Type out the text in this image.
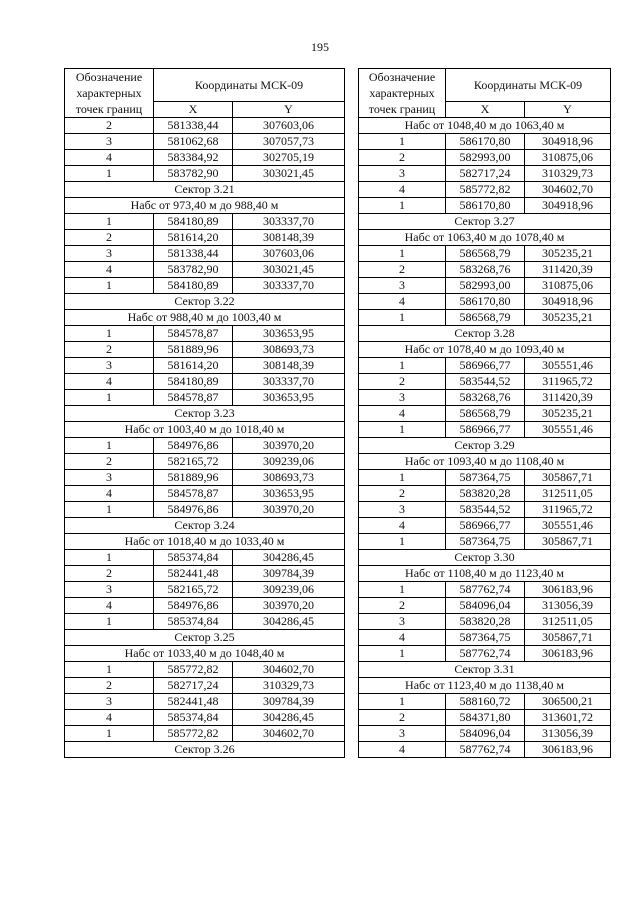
195
Обозначение характерных точек границ	Координаты МСК-09	
	X	Y
2	581338,44	307603,06
3	581062,68	307057,73
4	583384,92	302705,19
1	583782,90	303021,45
Сектор 3.21		
Набс от 973,40 м до 988,40 м		
1	584180,89	303337,70
2	581614,20	308148,39
3	581338,44	307603,06
4	583782,90	303021,45
1	584180,89	303337,70
Сектор 3.22		
Набс от 988,40 м до 1003,40 м		
1	584578,87	303653,95
2	581889,96	308693,73
3	581614,20	308148,39
4	584180,89	303337,70
1	584578,87	303653,95
Сектор 3.23		
Набс от 1003,40 м до 1018,40 м		
1	584976,86	303970,20
2	582165,72	309239,06
3	581889,96	308693,73
4	584578,87	303653,95
1	584976,86	303970,20
Сектор 3.24		
Набс от 1018,40 м до 1033,40 м		
1	585374,84	304286,45
2	582441,48	309784,39
3	582165,72	309239,06
4	584976,86	303970,20
1	585374,84	304286,45
Сектор 3.25		
Набс от 1033,40 м до 1048,40 м		
1	585772,82	304602,70
2	582717,24	310329,73
3	582441,48	309784,39
4	585374,84	304286,45
1	585772,82	304602,70
Сектор 3.26		
Обозначение характерных точек границ	Координаты МСК-09	
	X	Y
Набс от 1048,40 м до 1063,40 м		
1	586170,80	304918,96
2	582993,00	310875,06
3	582717,24	310329,73
4	585772,82	304602,70
1	586170,80	304918,96
Сектор 3.27		
Набс от 1063,40 м до 1078,40 м		
1	586568,79	305235,21
2	583268,76	311420,39
3	582993,00	310875,06
4	586170,80	304918,96
1	586568,79	305235,21
Сектор 3.28		
Набс от 1078,40 м до 1093,40 м		
1	586966,77	305551,46
2	583544,52	311965,72
3	583268,76	311420,39
4	586568,79	305235,21
1	586966,77	305551,46
Сектор 3.29		
Набс от 1093,40 м до 1108,40 м		
1	587364,75	305867,71
2	583820,28	312511,05
3	583544,52	311965,72
4	586966,77	305551,46
1	587364,75	305867,71
Сектор 3.30		
Набс от 1108,40 м до 1123,40 м		
1	587762,74	306183,96
2	584096,04	313056,39
3	583820,28	312511,05
4	587364,75	305867,71
1	587762,74	306183,96
Сектор 3.31		
Набс от 1123,40 м до 1138,40 м		
1	588160,72	306500,21
2	584371,80	313601,72
3	584096,04	313056,39
4	587762,74	306183,96
